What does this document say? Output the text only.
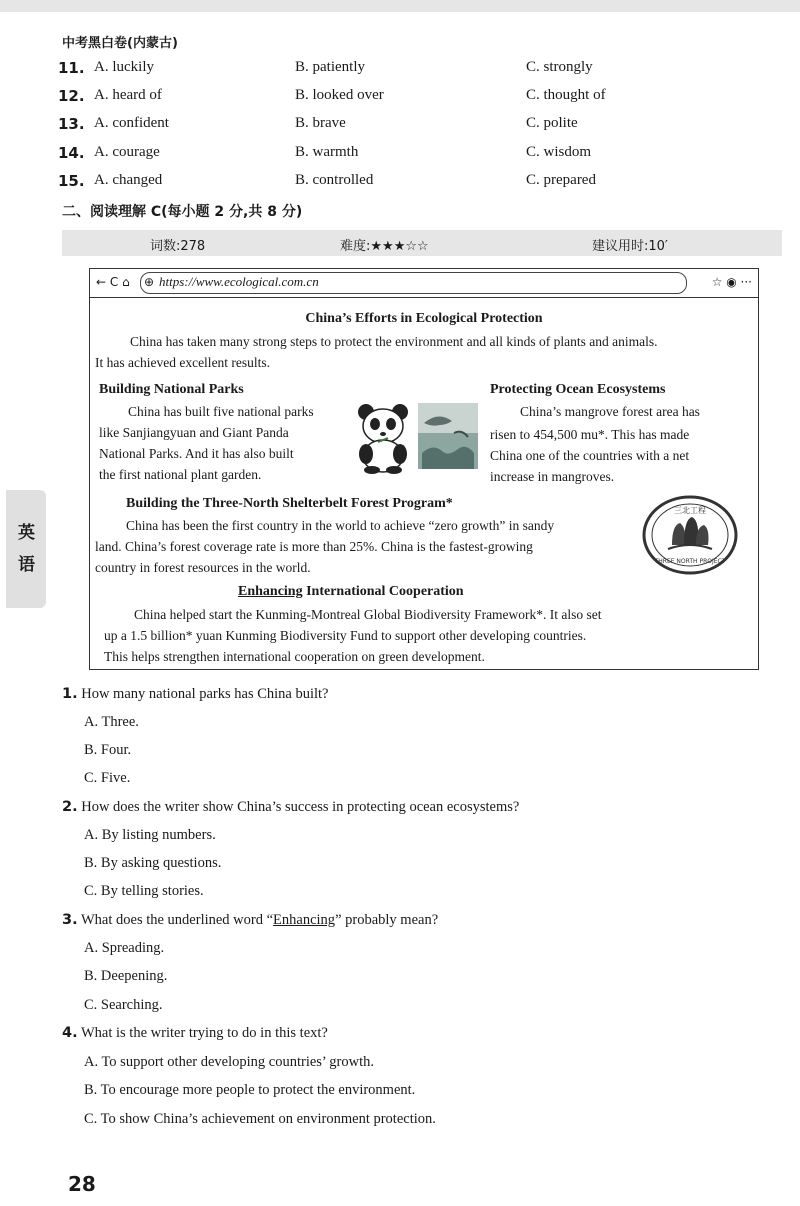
中考黑白卷(内蒙古)
11. A. luckily	B. patiently	C. strongly
12. A. heard of	B. looked over	C. thought of
13. A. confident	B. brave	C. polite
14. A. courage	B. warmth	C. wisdom
15. A. changed	B. controlled	C. prepared
二、阅读理解 C(每小题 2 分,共 8 分)
词数:278	难度:★★★☆☆	建议用时:10′
← C ⌂ ⊕ https://www.ecological.com.cn	☆ ◉ ···
China’s Efforts in Ecological Protection
China has taken many strong steps to protect the environment and all kinds of plants and animals.
It has achieved excellent results.
Building National Parks
China has built five national parks
like Sanjiangyuan and Giant Panda
National Parks. And it has also built
the first national plant garden.
Protecting Ocean Ecosystems
China’s mangrove forest area has
risen to 454,500 mu*. This has made
China one of the countries with a net
increase in mangroves.
Building the Three-North Shelterbelt Forest Program*
China has been the first country in the world to achieve “zero growth” in sandy
land. China’s forest coverage rate is more than 25%. China is the fastest-growing
country in forest resources in the world.
三北工程
THREE NORTH PROJECT
Enhancing International Cooperation
China helped start the Kunming-Montreal Global Biodiversity Framework*. It also set
up a 1.5 billion* yuan Kunming Biodiversity Fund to support other developing countries.
This helps strengthen international cooperation on green development.
英
语
1. How many national parks has China built?
A. Three.
B. Four.
C. Five.
2. How does the writer show China’s success in protecting ocean ecosystems?
A. By listing numbers.
B. By asking questions.
C. By telling stories.
3. What does the underlined word “Enhancing” probably mean?
A. Spreading.
B. Deepening.
C. Searching.
4. What is the writer trying to do in this text?
A. To support other developing countries’ growth.
B. To encourage more people to protect the environment.
C. To show China’s achievement on environment protection.
28
